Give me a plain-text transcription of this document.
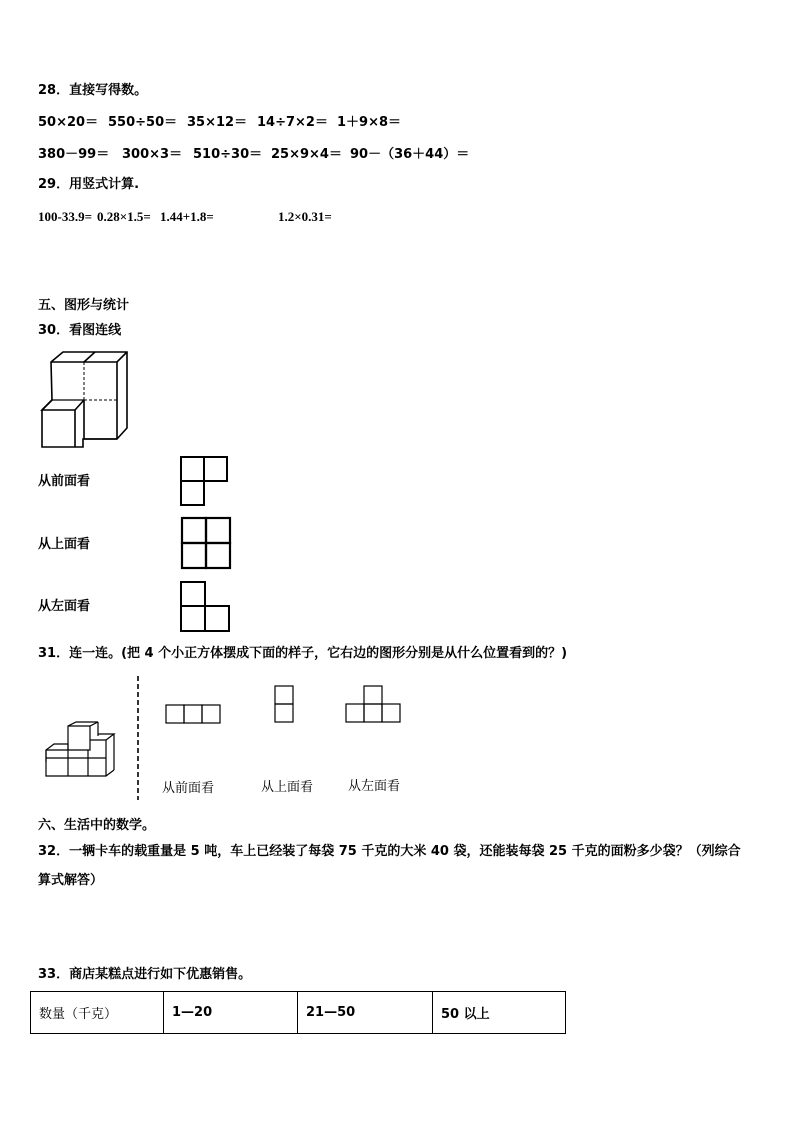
28．直接写得数。
50×20＝ 550÷50＝ 35×12＝ 14÷7×2＝ 1＋9×8＝
380－99＝ 300×3＝ 510÷30＝ 25×9×4＝ 90－（36＋44）＝
29．用竖式计算.
100-33.9= 0.28×1.5= 1.44+1.8=	1.2×0.31=
五、图形与统计
30．看图连线
从前面看
从上面看
从左面看
31．连一连。(把 4 个小正方体摆成下面的样子，它右边的图形分别是从什么位置看到的？)
从前面看	从上面看	从左面看
六、生活中的数学。
32．一辆卡车的载重量是 5 吨，车上已经装了每袋 75 千克的大米 40 袋，还能装每袋 25 千克的面粉多少袋？（列综合
算式解答）
33．商店某糕点进行如下优惠销售。
数量（千克）	1—20	21—50	50 以上
